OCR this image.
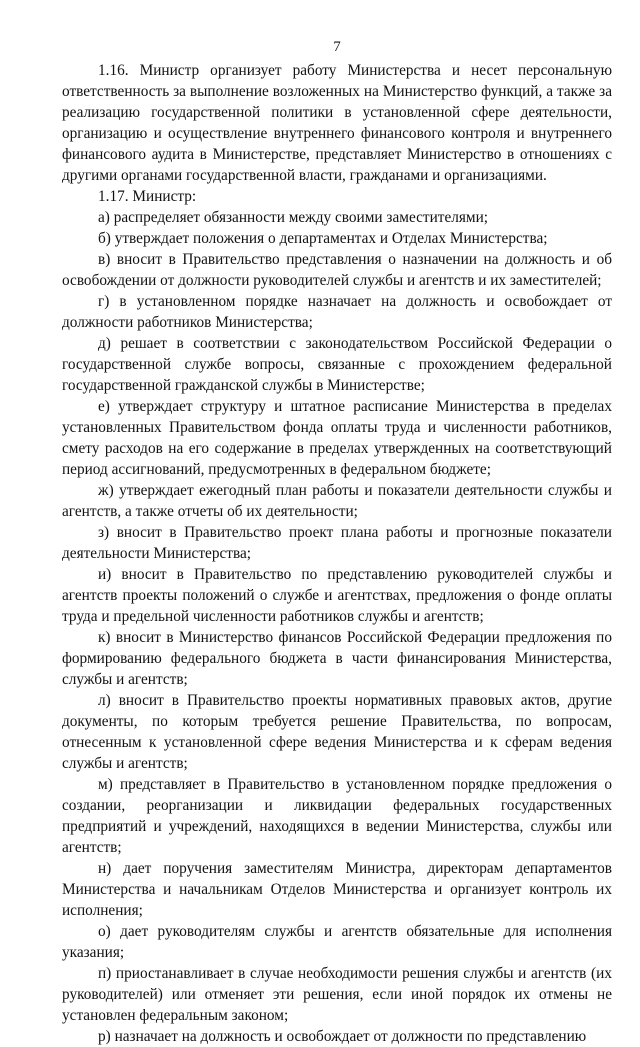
7

1.16. Министр организует работу Министерства и несет персональную ответственность за выполнение возложенных на Министерство функций, а также за реализацию государственной политики в установленной сфере деятельности, организацию и осуществление внутреннего финансового контроля и внутреннего финансового аудита в Министерстве, представляет Министерство в отношениях с другими органами государственной власти, гражданами и организациями.

1.17. Министр:

а) распределяет обязанности между своими заместителями;

б) утверждает положения о департаментах и Отделах Министерства;

в) вносит в Правительство представления о назначении на должность и об освобождении от должности руководителей службы и агентств и их заместителей;

г) в установленном порядке назначает на должность и освобождает от должности работников Министерства;

д) решает в соответствии с законодательством Российской Федерации о государственной службе вопросы, связанные с прохождением федеральной государственной гражданской службы в Министерстве;

е) утверждает структуру и штатное расписание Министерства в пределах установленных Правительством фонда оплаты труда и численности работников, смету расходов на его содержание в пределах утвержденных на соответствующий период ассигнований, предусмотренных в федеральном бюджете;

ж) утверждает ежегодный план работы и показатели деятельности службы и агентств, а также отчеты об их деятельности;

з) вносит в Правительство проект плана работы и прогнозные показатели деятельности Министерства;

и) вносит в Правительство по представлению руководителей службы и агентств проекты положений о службе и агентствах, предложения о фонде оплаты труда и предельной численности работников службы и агентств;

к) вносит в Министерство финансов Российской Федерации предложения по формированию федерального бюджета в части финансирования Министерства, службы и агентств;

л) вносит в Правительство проекты нормативных правовых актов, другие документы, по которым требуется решение Правительства, по вопросам, отнесенным к установленной сфере ведения Министерства и к сферам ведения службы и агентств;

м) представляет в Правительство в установленном порядке предложения о создании, реорганизации и ликвидации федеральных государственных предприятий и учреждений, находящихся в ведении Министерства, службы или агентств;

н) дает поручения заместителям Министра, директорам департаментов Министерства и начальникам Отделов Министерства и организует контроль их исполнения;

о) дает руководителям службы и агентств обязательные для исполнения указания;

п) приостанавливает в случае необходимости решения службы и агентств (их руководителей) или отменяет эти решения, если иной порядок их отмены не установлен федеральным законом;

р) назначает на должность и освобождает от должности по представлению
